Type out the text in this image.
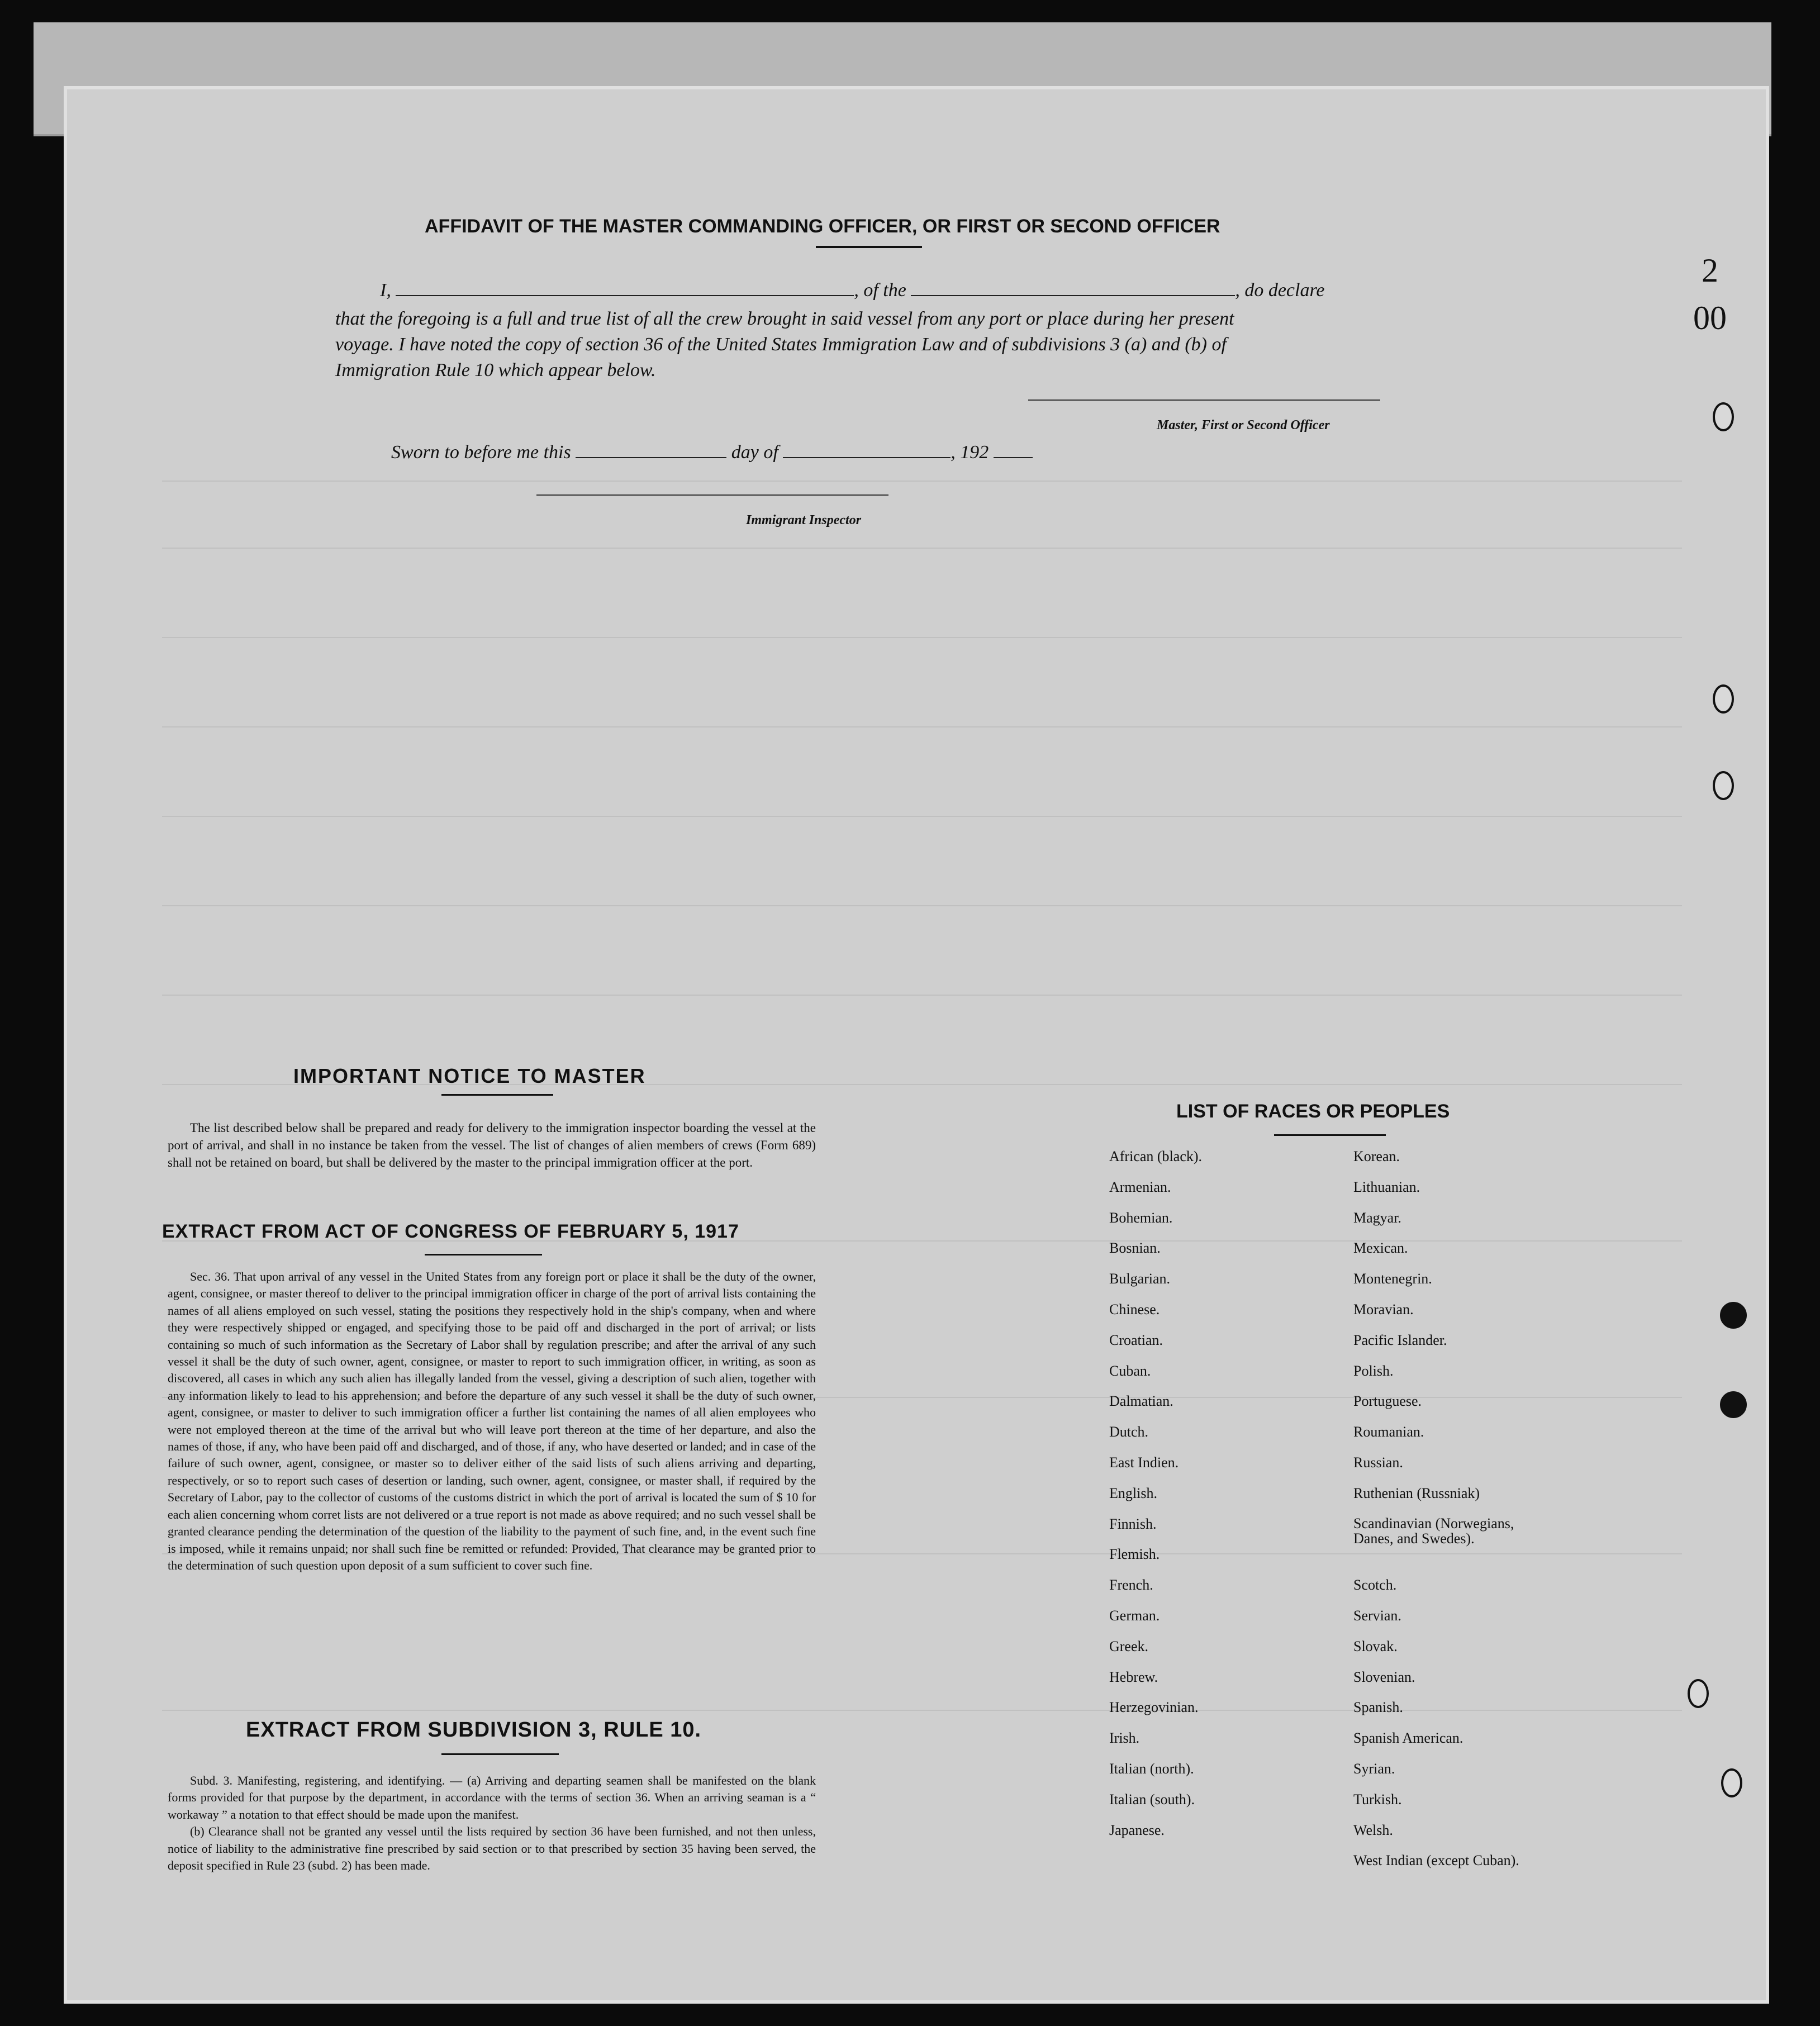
2
00
AFFIDAVIT OF THE MASTER COMMANDING OFFICER, OR FIRST OR SECOND OFFICER
I,	, of the	, do declare
that the foregoing is a full and true list of all the crew brought in said vessel from any port or place during her present
voyage. I have noted the copy of section 36 of the United States Immigration Law and of subdivisions 3 (a) and (b) of
Immigration Rule 10 which appear below.
Master, First or Second Officer
Sworn to before me this	day of	, 192
Immigrant Inspector
IMPORTANT NOTICE TO MASTER

The list described below shall be prepared and ready for delivery to the immigration inspector boarding the vessel at the port of arrival, and shall in no instance be taken from the vessel. The list of changes of alien members of crews (Form 689) shall not be retained on board, but shall be delivered by the master to the principal immigration officer at the port.

EXTRACT FROM ACT OF CONGRESS OF FEBRUARY 5, 1917

Sec. 36. That upon arrival of any vessel in the United States from any foreign port or place it shall be the duty of the owner, agent, consignee, or master thereof to deliver to the principal immigration officer in charge of the port of arrival lists containing the names of all aliens employed on such vessel, stating the positions they respectively hold in the ship's company, when and where they were respectively shipped or engaged, and specifying those to be paid off and discharged in the port of arrival; or lists containing so much of such information as the Secretary of Labor shall by regulation prescribe; and after the arrival of any such vessel it shall be the duty of such owner, agent, consignee, or master to report to such immigration officer, in writing, as soon as discovered, all cases in which any such alien has illegally landed from the vessel, giving a description of such alien, together with any information likely to lead to his apprehension; and before the departure of any such vessel it shall be the duty of such owner, agent, consignee, or master to deliver to such immigration officer a further list containing the names of all alien employees who were not employed thereon at the time of the arrival but who will leave port thereon at the time of her departure, and also the names of those, if any, who have been paid off and discharged, and of those, if any, who have deserted or landed; and in case of the failure of such owner, agent, consignee, or master so to deliver either of the said lists of such aliens arriving and departing, respectively, or so to report such cases of desertion or landing, such owner, agent, consignee, or master shall, if required by the Secretary of Labor, pay to the collector of customs of the customs district in which the port of arrival is located the sum of $ 10 for each alien concerning whom corret lists are not delivered or a true report is not made as above required; and no such vessel shall be granted clearance pending the determination of the question of the liability to the payment of such fine, and, in the event such fine is imposed, while it remains unpaid; nor shall such fine be remitted or refunded: Provided, That clearance may be granted prior to the determination of such question upon deposit of a sum sufficient to cover such fine.

EXTRACT FROM SUBDIVISION 3, RULE 10.

Subd. 3. Manifesting, registering, and identifying. — (a) Arriving and departing seamen shall be manifested on the blank forms provided for that purpose by the department, in accordance with the terms of section 36. When an arriving seaman is a “ workaway ” a notation to that effect should be made upon the manifest.

(b) Clearance shall not be granted any vessel until the lists required by section 36 have been furnished, and not then unless, notice of liability to the administrative fine prescribed by said section or to that prescribed by section 35 having been served, the deposit specified in Rule 23 (subd. 2) has been made.

LIST OF RACES OR PEOPLES
African (black).
Armenian.
Bohemian.
Bosnian.
Bulgarian.
Chinese.
Croatian.
Cuban.
Dalmatian.
Dutch.
East Indien.
English.
Finnish.
Flemish.
French.
German.
Greek.
Hebrew.
Herzegovinian.
Irish.
Italian (north).
Italian (south).
Japanese.
Korean.
Lithuanian.
Magyar.
Mexican.
Montenegrin.
Moravian.
Pacific Islander.
Polish.
Portuguese.
Roumanian.
Russian.
Ruthenian (Russniak)
Scandinavian (Norwegians, Danes, and Swedes).
Scotch.
Servian.
Slovak.
Slovenian.
Spanish.
Spanish American.
Syrian.
Turkish.
Welsh.
West Indian (except Cuban).
